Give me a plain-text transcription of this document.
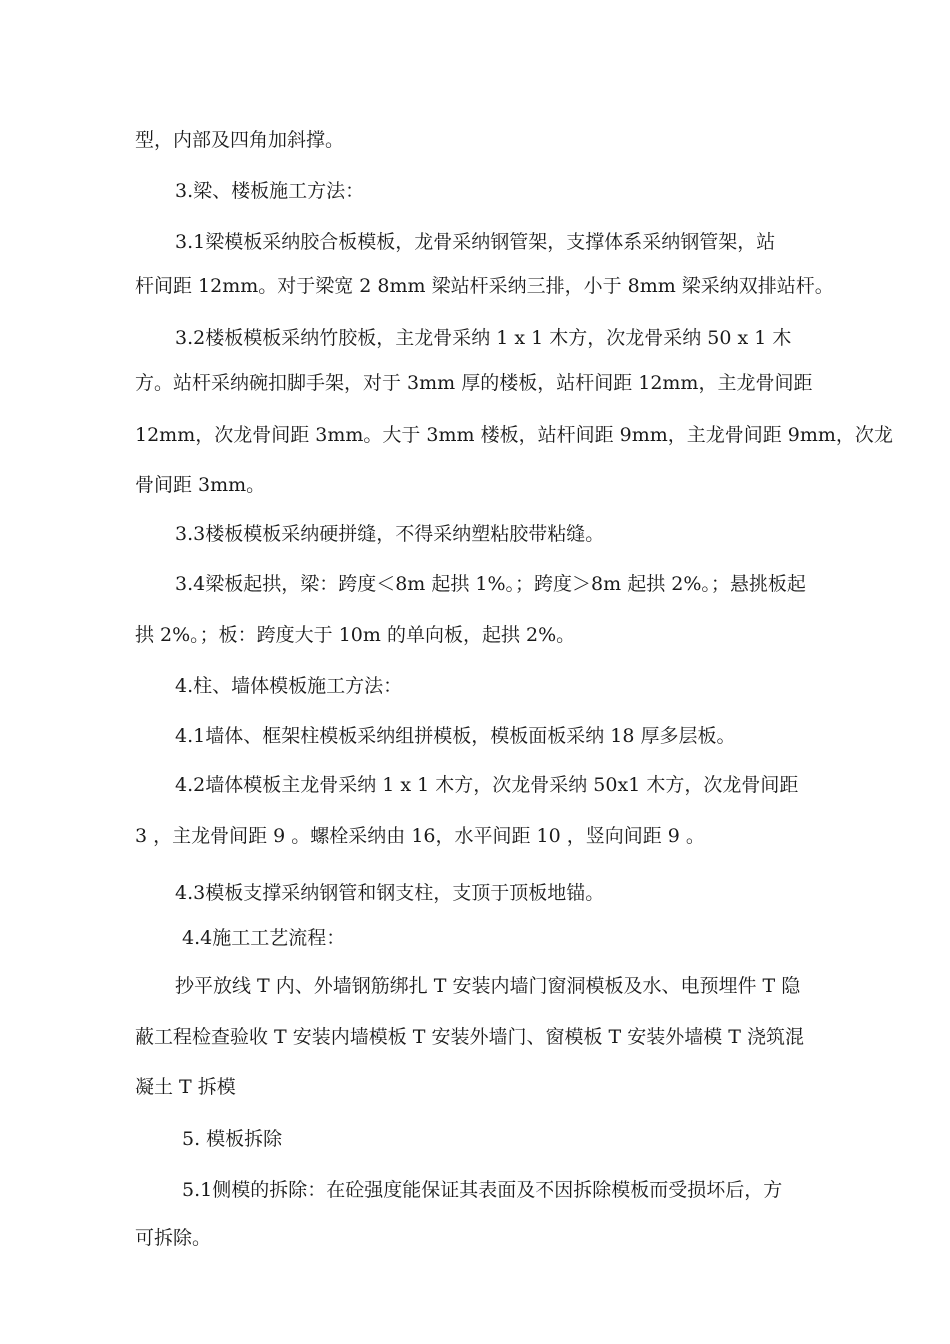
型，内部及四角加斜撑。

3.梁、楼板施工方法：

3.1梁模板采纳胶合板模板，龙骨采纳钢管架，支撑体系采纳钢管架，站

杆间距 12mm。对于梁宽 2 8mm 梁站杆采纳三排，小于 8mm 梁采纳双排站杆。

3.2楼板模板采纳竹胶板，主龙骨采纳 1 x 1 木方，次龙骨采纳 50 x 1 木

方。站杆采纳碗扣脚手架，对于 3mm 厚的楼板，站杆间距 12mm，主龙骨间距

12mm，次龙骨间距 3mm。大于 3mm 楼板，站杆间距 9mm，主龙骨间距 9mm，次龙

骨间距 3mm。

3.3楼板模板采纳硬拼缝，不得采纳塑粘胶带粘缝。

3.4梁板起拱，梁：跨度＜8m 起拱 1%。；跨度＞8m 起拱 2%。；悬挑板起

拱 2%。；板：跨度大于 10m 的单向板，起拱 2%。

4.柱、墙体模板施工方法：

4.1墙体、框架柱模板采纳组拼模板，模板面板采纳 18 厚多层板。

4.2墙体模板主龙骨采纳 1 x 1 木方，次龙骨采纳 50x1 木方，次龙骨间距

3 ，主龙骨间距 9 。螺栓采纳由 16，水平间距 10 ，竖向间距 9 。

4.3模板支撑采纳钢管和钢支柱，支顶于顶板地锚。

4.4施工工艺流程：

抄平放线 T 内、外墙钢筋绑扎 T 安装内墙门窗洞模板及水、电预埋件 T 隐

蔽工程检查验收 T 安装内墙模板 T 安装外墙门、窗模板 T 安装外墙模 T 浇筑混

凝土 T 拆模

5. 模板拆除

5.1侧模的拆除：在砼强度能保证其表面及不因拆除模板而受损坏后，方

可拆除。
